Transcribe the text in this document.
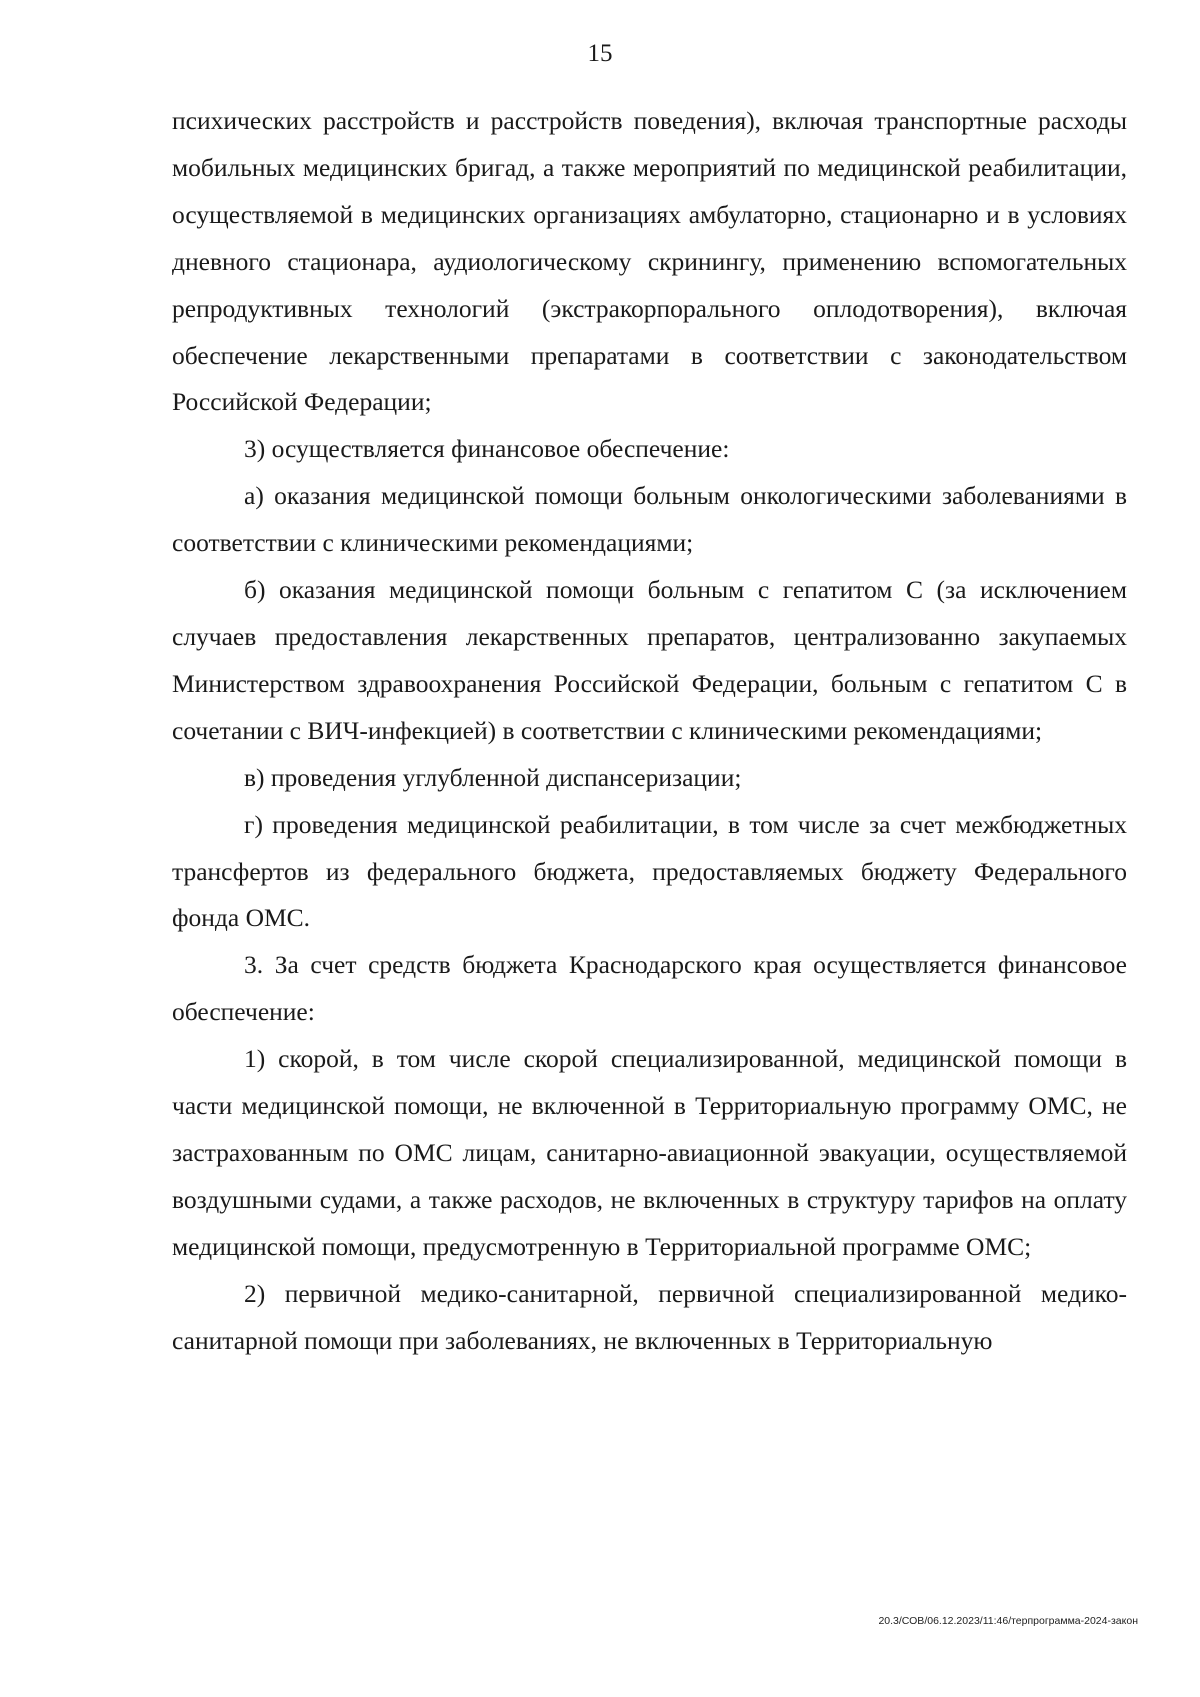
15

психических расстройств и расстройств поведения), включая транспортные расходы мобильных медицинских бригад, а также мероприятий по медицинской реабилитации, осуществляемой в медицинских организациях амбулаторно, стационарно и в условиях дневного стационара, аудиологическому скринингу, применению вспомогательных репродуктивных технологий (экстракорпорального оплодотворения), включая обеспечение лекарственными препаратами в соответствии с законодательством Российской Федерации;

3) осуществляется финансовое обеспечение:

а) оказания медицинской помощи больным онкологическими заболеваниями в соответствии с клиническими рекомендациями;

б) оказания медицинской помощи больным с гепатитом С (за исключением случаев предоставления лекарственных препаратов, централизованно закупаемых Министерством здравоохранения Российской Федерации, больным с гепатитом С в сочетании с ВИЧ-инфекцией) в соответствии с клиническими рекомендациями;

в) проведения углубленной диспансеризации;

г) проведения медицинской реабилитации, в том числе за счет межбюджетных трансфертов из федерального бюджета, предоставляемых бюджету Федерального фонда ОМС.

3. За счет средств бюджета Краснодарского края осуществляется финансовое обеспечение:

1) скорой, в том числе скорой специализированной, медицинской помощи в части медицинской помощи, не включенной в Территориальную программу ОМС, не застрахованным по ОМС лицам, санитарно-авиационной эвакуации, осуществляемой воздушными судами, а также расходов, не включенных в структуру тарифов на оплату медицинской помощи, предусмотренную в Территориальной программе ОМС;

2) первичной медико-санитарной, первичной специализированной медико-санитарной помощи при заболеваниях, не включенных в Территориальную

20.3/СОВ/06.12.2023/11:46/терпрограмма-2024-закон
